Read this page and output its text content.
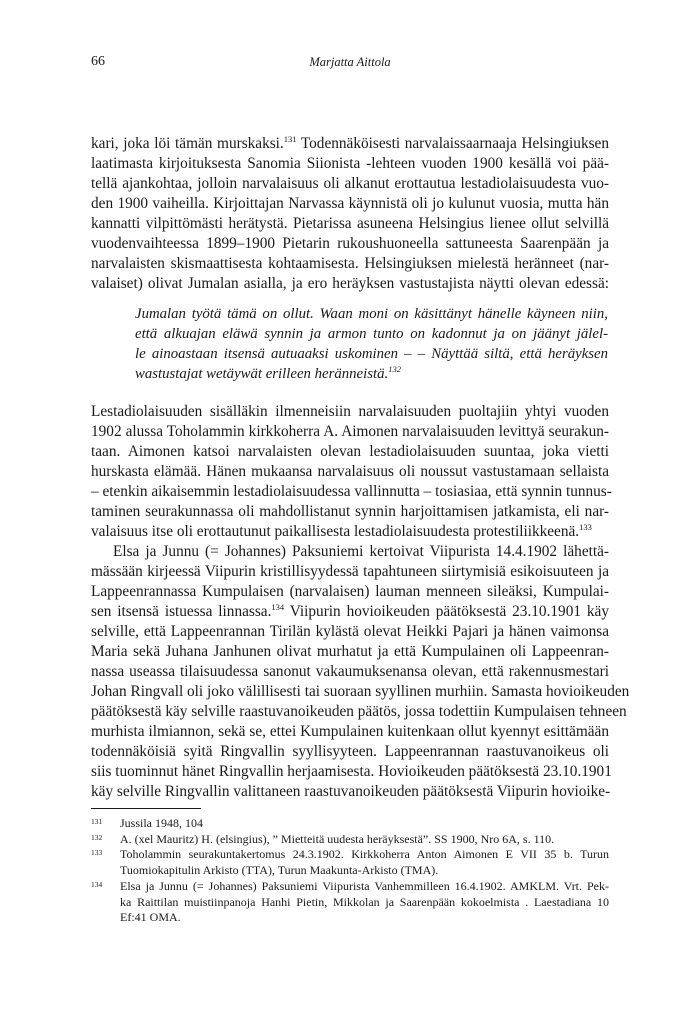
66	Marjatta Aittola
kari, joka löi tämän murskaksi.$^{131}$ Todennäköisesti narvalaissaarnaaja Helsingiuksen
laatimasta kirjoituksesta Sanomia Siionista -lehteen vuoden 1900 kesällä voi pää-
tellä ajankohtaa, jolloin narvalaisuus oli alkanut erottautua lestadiolaisuudesta vuo-
den 1900 vaiheilla. Kirjoittajan Narvassa käynnistä oli jo kulunut vuosia, mutta hän
kannatti vilpittömästi herätystä. Pietarissa asuneena Helsingius lienee ollut selvillä
vuodenvaihteessa 1899–1900 Pietarin rukoushuoneella sattuneesta Saarenpään ja
narvalaisten skismaattisesta kohtaamisesta. Helsingiuksen mielestä heränneet (nar-
valaiset) olivat Jumalan asialla, ja ero heräyksen vastustajista näytti olevan edessä:
Jumalan työtä tämä on ollut. Waan moni on käsittänyt hänelle käyneen niin,
että alkuajan eläwä synnin ja armon tunto on kadonnut ja on jäänyt jälel-
le ainoastaan itsensä autuaaksi uskominen – – Näyttää siltä, että heräyksen
wastustajat wetäywät erilleen heränneistä.$^{132}$
Lestadiolaisuuden sisälläkin ilmenneisiin narvalaisuuden puoltajiin yhtyi vuoden
1902 alussa Toholammin kirkkoherra A. Aimonen narvalaisuuden levittyä seurakun-
taan. Aimonen katsoi narvalaisten olevan lestadiolaisuuden suuntaa, joka vietti
hurskasta elämää. Hänen mukaansa narvalaisuus oli noussut vastustamaan sellaista
– etenkin aikaisemmin lestadiolaisuudessa vallinnutta – tosiasiaa, että synnin tunnus-
taminen seurakunnassa oli mahdollistanut synnin harjoittamisen jatkamista, eli nar-
valaisuus itse oli erottautunut paikallisesta lestadiolaisuudesta protestiliikkeenä.$^{133}$
Elsa ja Junnu (= Johannes) Paksuniemi kertoivat Viipurista 14.4.1902 lähettä-
mässään kirjeessä Viipurin kristillisyydessä tapahtuneen siirtymisiä esikoisuuteen ja
Lappeenrannassa Kumpulaisen (narvalaisen) lauman menneen sileäksi, Kumpulai-
sen itsensä istuessa linnassa.$^{134}$ Viipurin hovioikeuden päätöksestä 23.10.1901 käy
selville, että Lappeenrannan Tirilän kylästä olevat Heikki Pajari ja hänen vaimonsa
Maria sekä Juhana Janhunen olivat murhatut ja että Kumpulainen oli Lappeenran-
nassa useassa tilaisuudessa sanonut vakaumuksenansa olevan, että rakennusmestari
Johan Ringvall oli joko välillisesti tai suoraan syyllinen murhiin. Samasta hovioikeuden
päätöksestä käy selville raastuvanoikeuden päätös, jossa todettiin Kumpulaisen tehneen
murhista ilmiannon, sekä se, ettei Kumpulainen kuitenkaan ollut kyennyt esittämään
todennäköisiä syitä Ringvallin syyllisyyteen. Lappeenrannan raastuvanoikeus oli
siis tuominnut hänet Ringvallin herjaamisesta. Hovioikeuden päätöksestä 23.10.1901
käy selville Ringvallin valittaneen raastuvanoikeuden päätöksestä Viipurin hovioike-
131 Jussila 1948, 104
132 A. (xel Mauritz) H. (elsingius), ” Mietteitä uudesta heräyksestä”. SS 1900, Nro 6A, s. 110.
133 Toholammin seurakuntakertomus 24.3.1902. Kirkkoherra Anton Aimonen E VII 35 b. Turun
Tuomiokapitulin Arkisto (TTA), Turun Maakunta-Arkisto (TMA).
134 Elsa ja Junnu (= Johannes) Paksuniemi Viipurista Vanhemmilleen 16.4.1902. AMKLM. Vrt. Pek-
ka Raittilan muistiinpanoja Hanhi Pietin, Mikkolan ja Saarenpään kokoelmista . Laestadiana 10
Ef:41 OMA.
